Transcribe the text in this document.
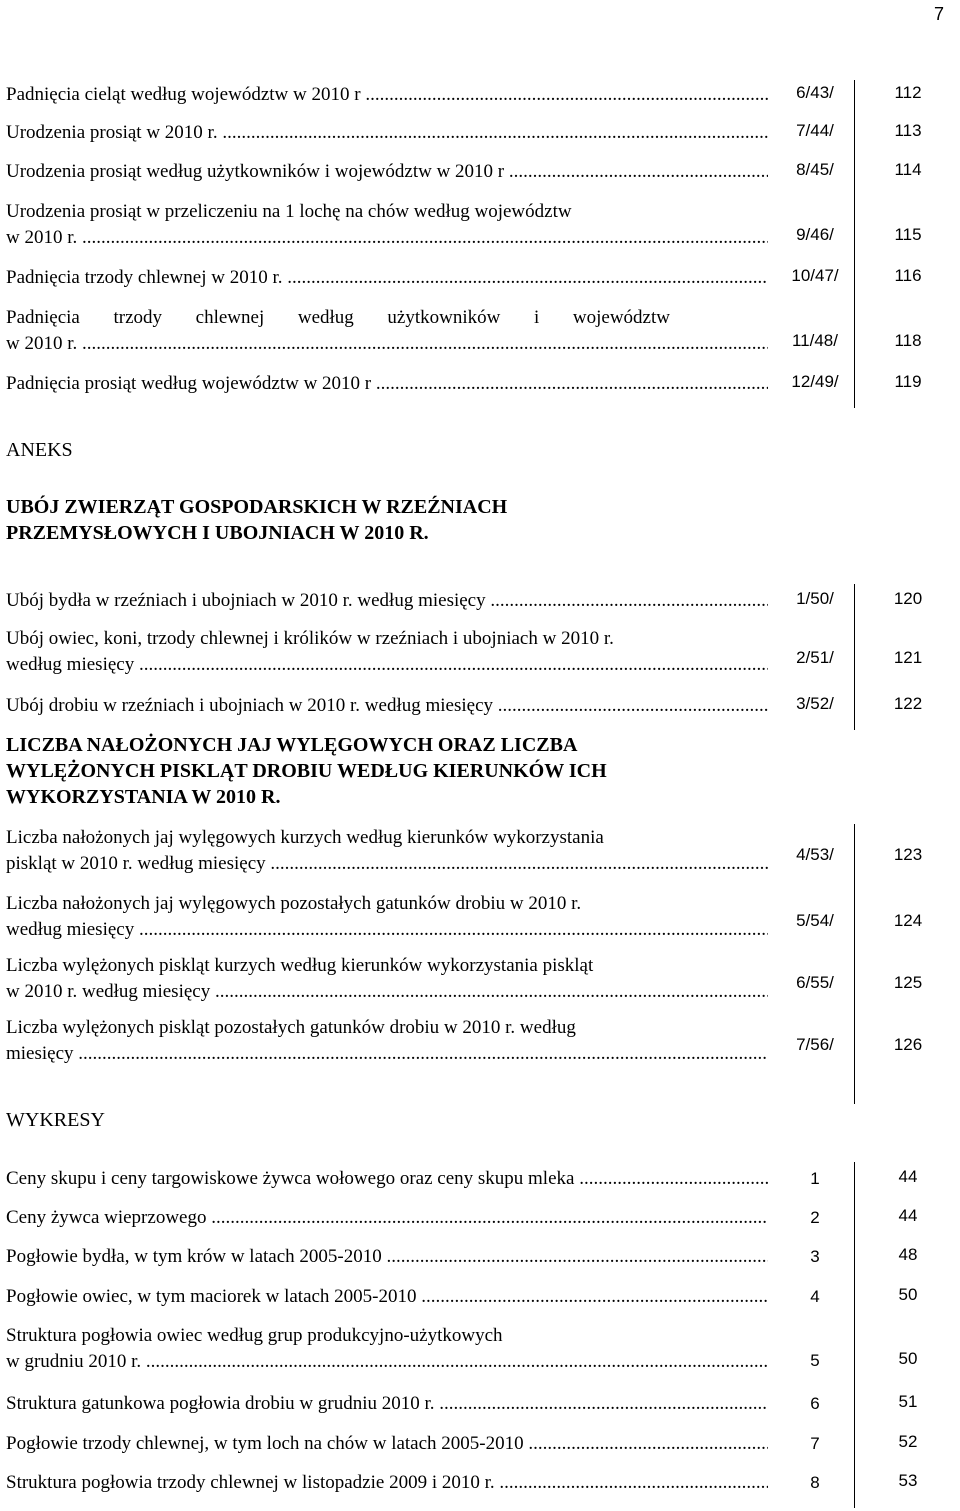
7
Padnięcia cieląt według województw w 2010 r .....	6/43/	112
Urodzenia prosiąt w 2010 r. .....	7/44/	113
Urodzenia prosiąt według użytkowników i województw w 2010 r .....	8/45/	114
Urodzenia prosiąt w przeliczeniu na 1 lochę na chów według województw
w 2010 r. .....	9/46/	115
Padnięcia trzody chlewnej w 2010 r. .....	10/47/	116
Padnięcia trzody chlewnej według użytkowników i województw
w 2010 r. .....	11/48/	118
Padnięcia prosiąt według województw w 2010 r .....	12/49/	119
ANEKS
UBÓJ ZWIERZĄT GOSPODARSKICH W RZEŹNIACH
PRZEMYSŁOWYCH I UBOJNIACH W 2010 R.
Ubój bydła w rzeźniach i ubojniach w 2010 r. według miesięcy .....	1/50/	120
Ubój owiec, koni, trzody chlewnej i królików w rzeźniach i ubojniach w 2010 r.
według miesięcy .....	2/51/	121
Ubój drobiu w rzeźniach i ubojniach w 2010 r. według miesięcy .....	3/52/	122
LICZBA NAŁOŻONYCH JAJ WYLĘGOWYCH ORAZ LICZBA
WYLĘŻONYCH PISKLĄT DROBIU WEDŁUG KIERUNKÓW ICH
WYKORZYSTANIA W 2010 R.
Liczba nałożonych jaj wylęgowych kurzych według kierunków wykorzystania
piskląt w 2010 r. według miesięcy .....	4/53/	123
Liczba nałożonych jaj wylęgowych pozostałych gatunków drobiu w 2010 r.
według miesięcy .....	5/54/	124
Liczba wylężonych piskląt kurzych według kierunków wykorzystania piskląt
w 2010 r. według miesięcy .....	6/55/	125
Liczba wylężonych piskląt pozostałych gatunków drobiu w 2010 r. według
miesięcy .....	7/56/	126
WYKRESY
Ceny skupu i ceny targowiskowe żywca wołowego oraz ceny skupu mleka .....	1	44
Ceny żywca wieprzowego .....	2	44
Pogłowie bydła, w tym krów w latach 2005-2010 .....	3	48
Pogłowie owiec, w tym maciorek w latach 2005-2010 .....	4	50
Struktura pogłowia owiec według grup produkcyjno-użytkowych
w grudniu 2010 r. .....	5	50
Struktura gatunkowa pogłowia drobiu w grudniu 2010 r. .....	6	51
Pogłowie trzody chlewnej, w tym loch na chów w latach 2005-2010 .....	7	52
Struktura pogłowia trzody chlewnej w listopadzie 2009 i 2010 r. .....	8	53
